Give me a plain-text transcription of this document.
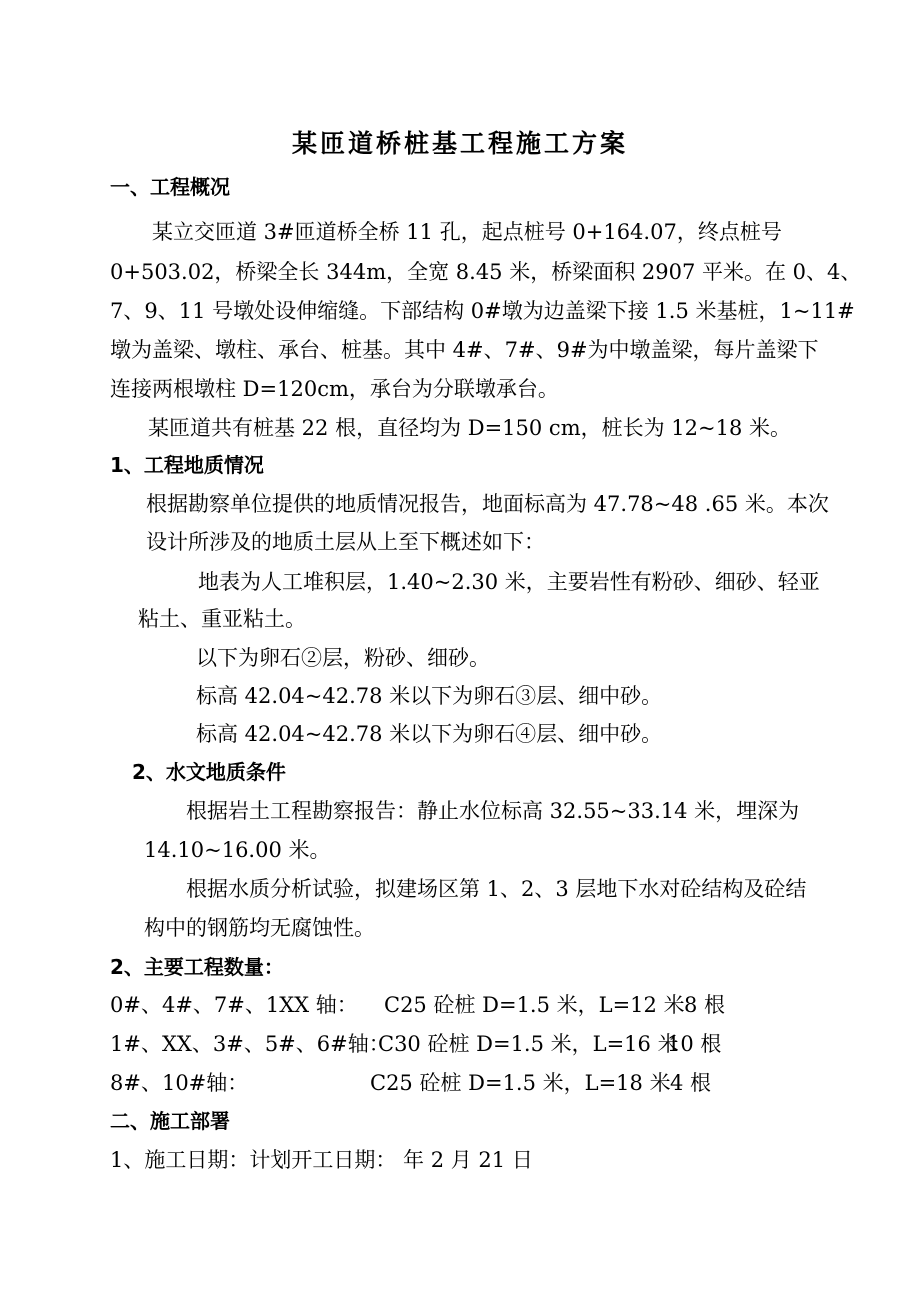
某匝道桥桩基工程施工方案
一、工程概况
某立交匝道 3#匝道桥全桥 11 孔，起点桩号 0+164.07，终点桩号
0+503.02，桥梁全长 344m，全宽 8.45 米，桥梁面积 2907 平米。在 0、4、
7、9、11 号墩处设伸缩缝。下部结构 0#墩为边盖梁下接 1.5 米基桩，1~11#
墩为盖梁、墩柱、承台、桩基。其中 4#、7#、9#为中墩盖梁，每片盖梁下
连接两根墩柱 D=120cm，承台为分联墩承台。
某匝道共有桩基 22 根，直径均为 D=150 cm，桩长为 12~18 米。
1、工程地质情况
根据勘察单位提供的地质情况报告，地面标高为 47.78~48 .65 米。本次
设计所涉及的地质土层从上至下概述如下：
地表为人工堆积层，1.40~2.30 米，主要岩性有粉砂、细砂、轻亚
粘土、重亚粘土。
以下为卵石②层，粉砂、细砂。
标高 42.04~42.78 米以下为卵石③层、细中砂。
标高 42.04~42.78 米以下为卵石④层、细中砂。
2、水文地质条件
根据岩土工程勘察报告：静止水位标高 32.55~33.14 米，埋深为
14.10~16.00 米。
根据水质分析试验，拟建场区第 1、2、3 层地下水对砼结构及砼结
构中的钢筋均无腐蚀性。
2、主要工程数量：
0#、4#、7#、1XX 轴： C25 砼桩 D=1.5 米，L=12 米 8 根
1#、XX、3#、5#、6#轴：
C30 砼桩 D=1.5 米，L=16 米
10 根
8#、10#轴：	C25 砼桩 D=1.5 米，L=18 米 4 根
二、施工部署
1、施工日期：计划开工日期： 年 2 月 21 日
